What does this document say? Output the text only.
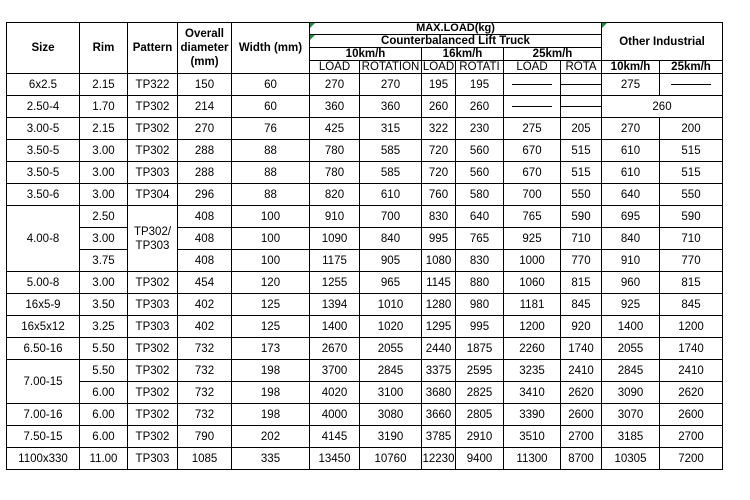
Size	Rim	Pattern	Overall diameter (mm)	Width (mm)	MAX.LOAD(kg)						Other Industrial	
					Counterbalanced Lift Truck							
					10km/h		16km/h		25km/h			
					LOAD	ROTATION	LOAD	ROTATI	LOAD	ROTA	10km/h	25km/h
6x2.5	2.15	TP322	150	60	270	270	195	195			275	
2.50-4	1.70	TP302	214	60	360	360	260	260			260	
3.00-5	2.15	TP302	270	76	425	315	322	230	275	205	270	200
3.50-5	3.00	TP302	288	88	780	585	720	560	670	515	610	515
3.50-5	3.00	TP303	288	88	780	585	720	560	670	515	610	515
3.50-6	3.00	TP304	296	88	820	610	760	580	700	550	640	550
4.00-8	2.50	TP302/ TP303	408	100	910	700	830	640	765	590	695	590
	3.00		408	100	1090	840	995	765	925	710	840	710
	3.75		408	100	1175	905	1080	830	1000	770	910	770
5.00-8	3.00	TP302	454	120	1255	965	1145	880	1060	815	960	815
16x5-9	3.50	TP303	402	125	1394	1010	1280	980	1181	845	925	845
16x5x12	3.25	TP303	402	125	1400	1020	1295	995	1200	920	1400	1200
6.50-16	5.50	TP302	732	173	2670	2055	2440	1875	2260	1740	2055	1740
7.00-15	5.50	TP302	732	198	3700	2845	3375	2595	3235	2410	2845	2410
	6.00	TP302	732	198	4020	3100	3680	2825	3410	2620	3090	2620
7.00-16	6.00	TP302	732	198	4000	3080	3660	2805	3390	2600	3070	2600
7.50-15	6.00	TP302	790	202	4145	3190	3785	2910	3510	2700	3185	2700
1100x330	11.00	TP303	1085	335	13450	10760	12230	9400	11300	8700	10305	7200
